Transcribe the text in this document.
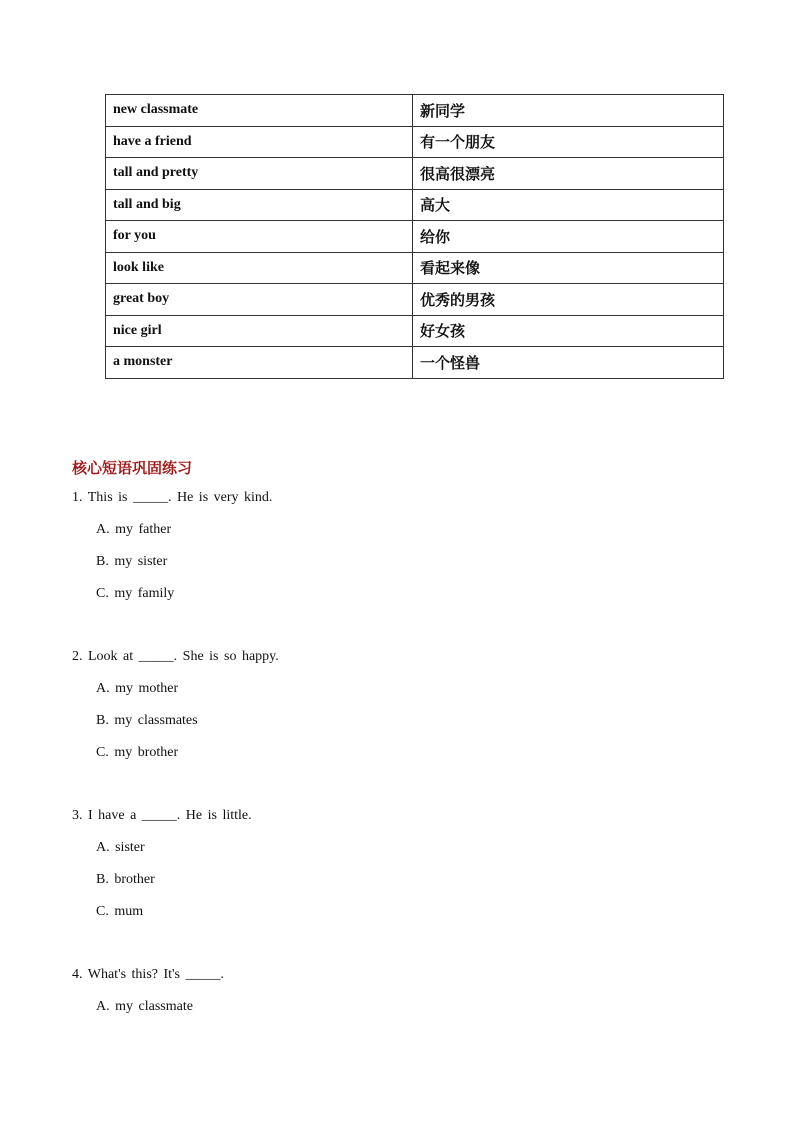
new classmate	新同学
have a friend	有一个朋友
tall and pretty	很高很漂亮
tall and big	高大
for you	给你
look like	看起来像
great boy	优秀的男孩
nice girl	好女孩
a monster	一个怪兽
核心短语巩固练习
1. This is _____. He is very kind.
A. my father
B. my sister
C. my family
2. Look at _____. She is so happy.
A. my mother
B. my classmates
C. my brother
3. I have a _____. He is little.
A. sister
B. brother
C. mum
4. What's this? It's _____.
A. my classmate
